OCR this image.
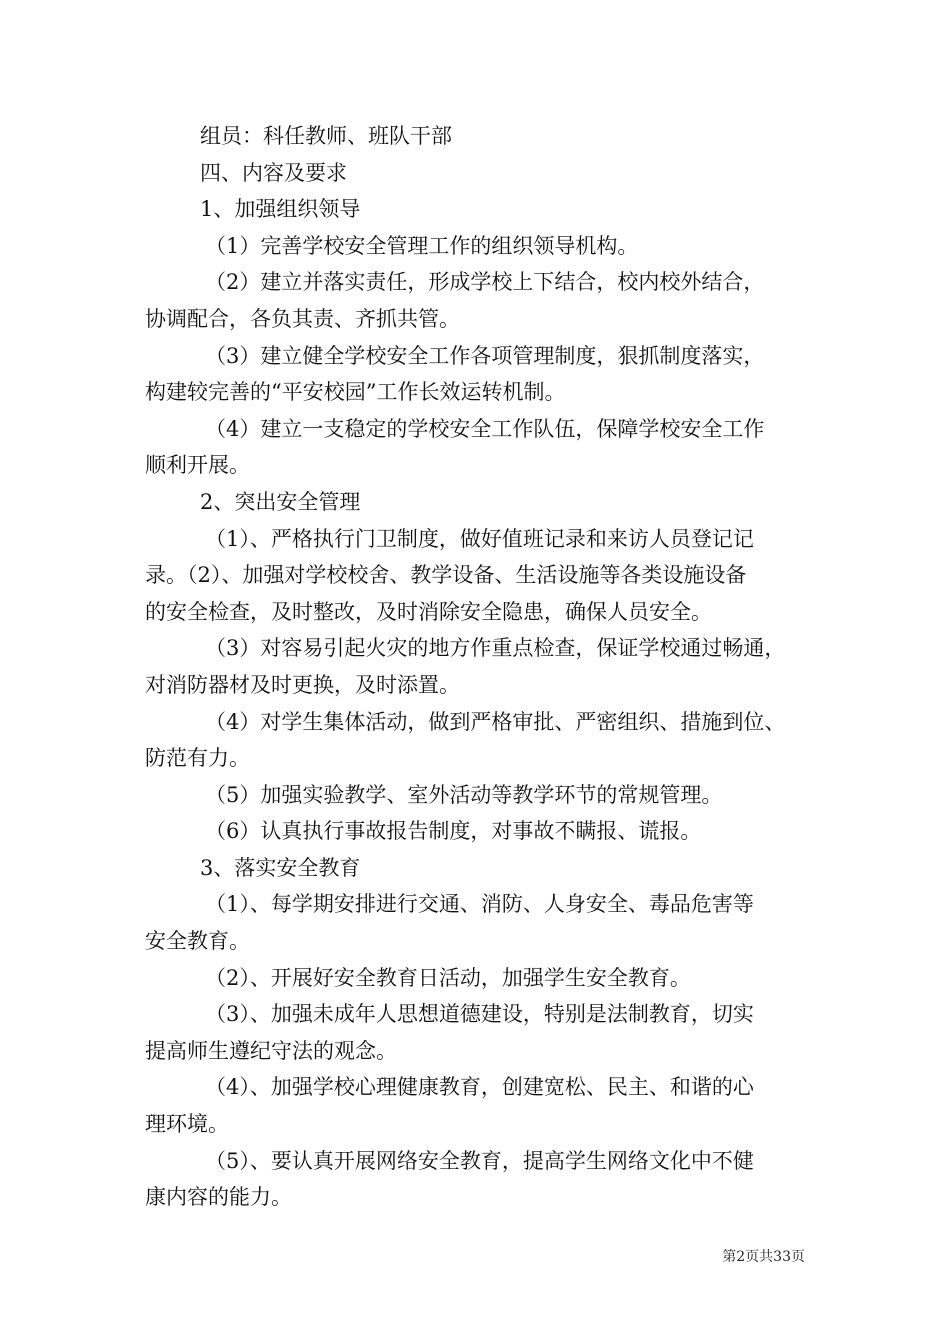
组员：科任教师、班队干部
四、内容及要求
1、加强组织领导
（1）完善学校安全管理工作的组织领导机构。
（2）建立并落实责任，形成学校上下结合，校内校外结合，
协调配合，各负其责、齐抓共管。
（3）建立健全学校安全工作各项管理制度，狠抓制度落实，
构建较完善的“平安校园”工作长效运转机制。
（4）建立一支稳定的学校安全工作队伍，保障学校安全工作
顺利开展。
2、突出安全管理
（1）、严格执行门卫制度，做好值班记录和来访人员登记记
录。（2）、加强对学校校舍、教学设备、生活设施等各类设施设备
的安全检查，及时整改，及时消除安全隐患，确保人员安全。
（3）对容易引起火灾的地方作重点检查，保证学校通过畅通，
对消防器材及时更换，及时添置。
（4）对学生集体活动，做到严格审批、严密组织、措施到位、
防范有力。
（5）加强实验教学、室外活动等教学环节的常规管理。
（6）认真执行事故报告制度，对事故不瞒报、谎报。
3、落实安全教育
（1）、每学期安排进行交通、消防、人身安全、毒品危害等
安全教育。
（2）、开展好安全教育日活动，加强学生安全教育。
（3）、加强未成年人思想道德建设，特别是法制教育，切实
提高师生遵纪守法的观念。
（4）、加强学校心理健康教育，创建宽松、民主、和谐的心
理环境。
（5）、要认真开展网络安全教育，提高学生网络文化中不健
康内容的能力。
第2页共33页
